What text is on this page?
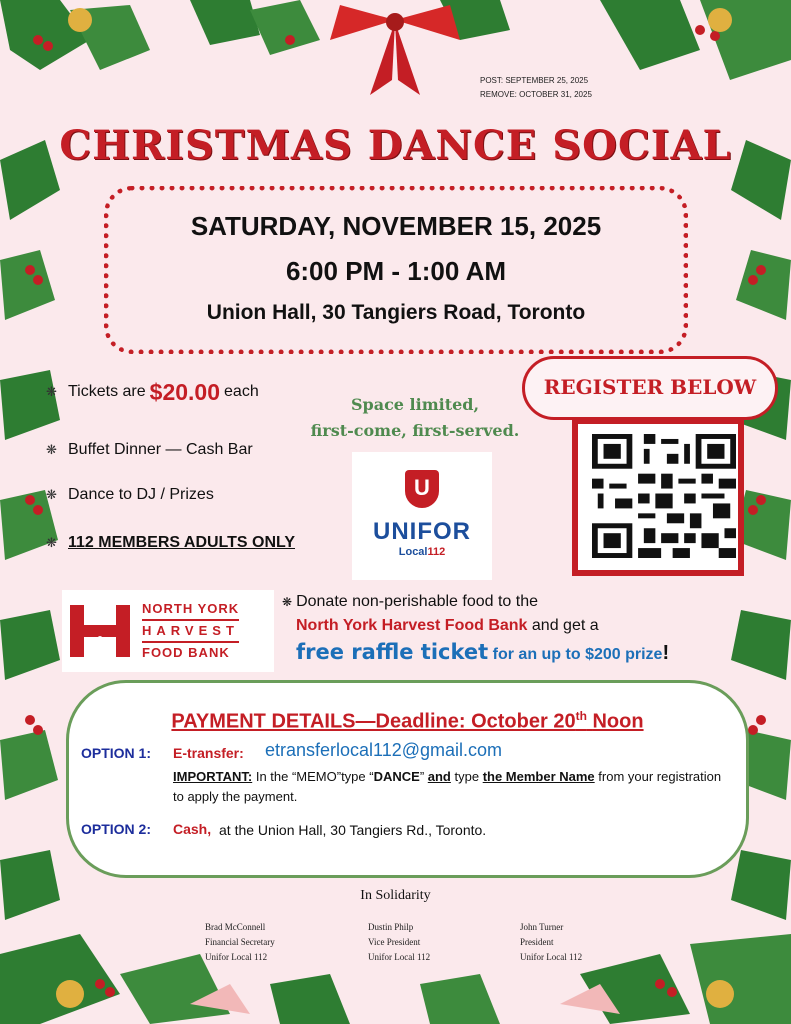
POST: SEPTEMBER 25, 2025
REMOVE: OCTOBER 31, 2025
CHRISTMAS DANCE SOCIAL
SATURDAY, NOVEMBER 15, 2025
6:00 PM - 1:00 AM
Union Hall, 30 Tangiers Road, Toronto
❋ Tickets are $20.00 each
❋ Buffet Dinner — Cash Bar
❋ Dance to DJ / Prizes
❋ 112 MEMBERS ADULTS ONLY
Space limited,
first-come, first-served.
U
UNIFOR
Local112
REGISTER BELOW
NORTH YORK
HARVEST
FOOD BANK
❋ Donate non-perishable food to the
North York Harvest Food Bank and get a
free raffle ticket for an up to $200 prize!
PAYMENT DETAILS—Deadline: October 20th Noon
OPTION 1: E-transfer: etransferlocal112@gmail.com
IMPORTANT: In the “MEMO”type “DANCE” and type the Member Name from your registration to apply the payment.
OPTION 2: Cash, at the Union Hall, 30 Tangiers Rd., Toronto.
In Solidarity
Brad McConnell
Financial Secretary
Unifor Local 112
Dustin Philp
Vice President
Unifor Local 112
John Turner
President
Unifor Local 112
